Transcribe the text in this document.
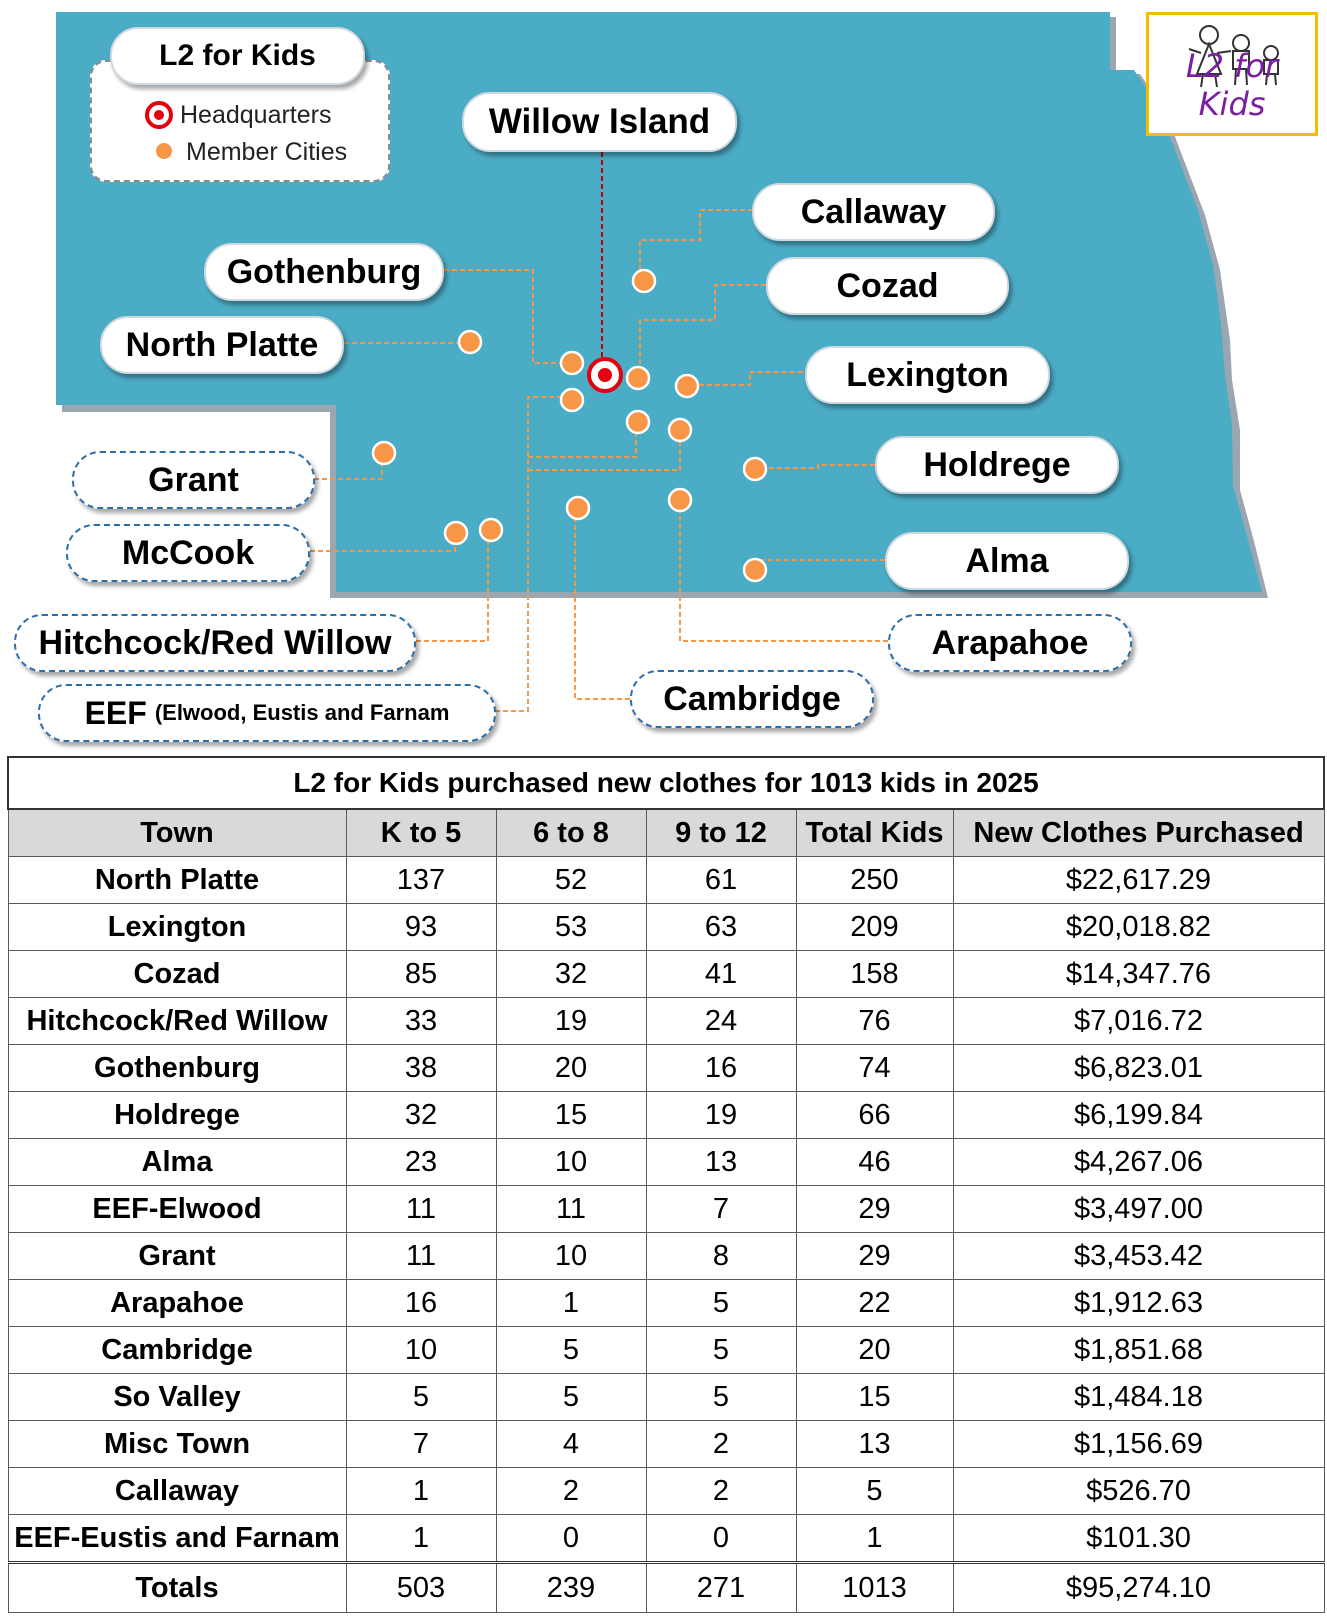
Headquarters
Member Cities
L2 for Kids	L2 for Kids
Willow Island
Callaway
Gothenburg	Cozad
North Platte
Lexington
Grant	Holdrege
McCook	Alma
Hitchcock/Red Willow	Arapahoe
Cambridge
EEF (Elwood, Eustis and Farnam
L2 for Kids purchased new clothes for 1013 kids in 2025					
Town	K to 5	6 to 8	9 to 12	Total Kids	New Clothes Purchased
North Platte	137	52	61	250	$22,617.29
Lexington	93	53	63	209	$20,018.82
Cozad	85	32	41	158	$14,347.76
Hitchcock/Red Willow	33	19	24	76	$7,016.72
Gothenburg	38	20	16	74	$6,823.01
Holdrege	32	15	19	66	$6,199.84
Alma	23	10	13	46	$4,267.06
EEF-Elwood	11	11	7	29	$3,497.00
Grant	11	10	8	29	$3,453.42
Arapahoe	16	1	5	22	$1,912.63
Cambridge	10	5	5	20	$1,851.68
So Valley	5	5	5	15	$1,484.18
Misc Town	7	4	2	13	$1,156.69
Callaway	1	2	2	5	$526.70
EEF-Eustis and Farnam	1	0	0	1	$101.30
Totals	503	239	271	1013	$95,274.10
